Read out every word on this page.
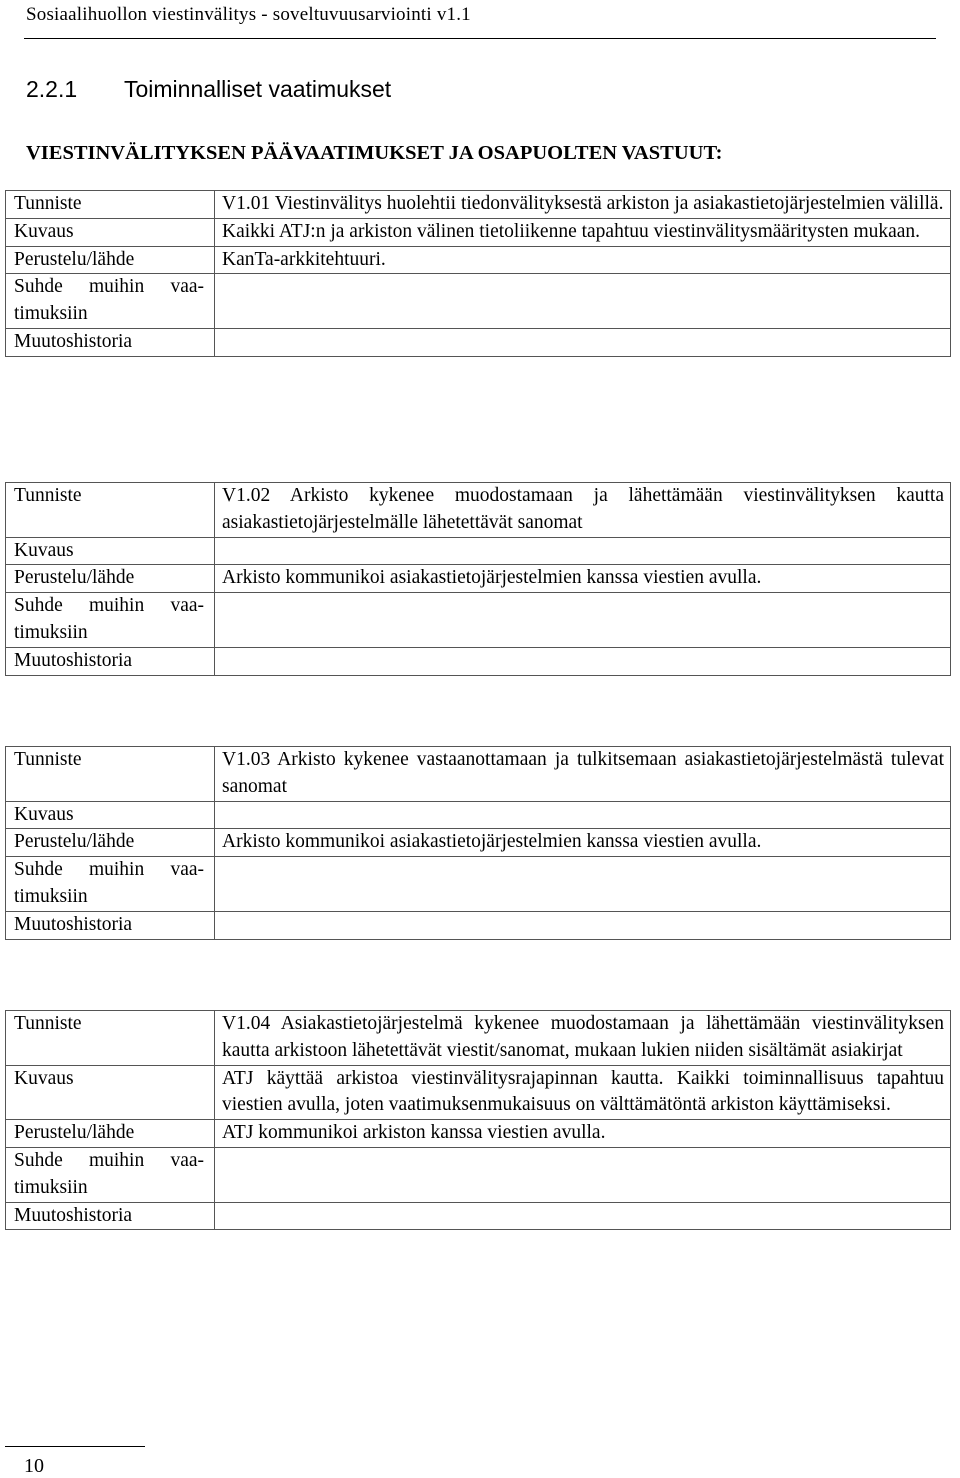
Sosiaalihuollon viestinvälitys - soveltuvuusarviointi v1.1
2.2.1 Toiminnalliset vaatimukset
VIESTINVÄLITYKSEN PÄÄVAATIMUKSET JA OSAPUOLTEN VASTUUT:
Tunniste	V1.01 Viestinvälitys huolehtii tiedonvälityksestä arkiston ja asiakastietojärjestelmien välillä.
Kuvaus	Kaikki ATJ:n ja arkiston välinen tietoliikenne tapahtuu viestinvälitysmääritysten mukaan.
Perustelu/lähde	KanTa-arkkitehtuuri.

Suhde muihin vaa-
timuksiin	
Muutoshistoria	
Tunniste	V1.02 Arkisto kykenee muodostamaan ja lähettämään viestinvälityksen kautta asiakastietojärjestelmälle lähetettävät sanomat
Kuvaus	
Perustelu/lähde	Arkisto kommunikoi asiakastietojärjestelmien kanssa viestien avulla.

Suhde muihin vaa-
timuksiin	
Muutoshistoria	
Tunniste	V1.03 Arkisto kykenee vastaanottamaan ja tulkitsemaan asiakastietojärjestelmästä tulevat sanomat
Kuvaus	
Perustelu/lähde	Arkisto kommunikoi asiakastietojärjestelmien kanssa viestien avulla.

Suhde muihin vaa-
timuksiin	
Muutoshistoria	
Tunniste	V1.04 Asiakastietojärjestelmä kykenee muodostamaan ja lähettämään viestinvälityksen kautta arkistoon lähetettävät viestit/sanomat, mukaan lukien niiden sisältämät asiakirjat
Kuvaus	ATJ käyttää arkistoa viestinvälitysrajapinnan kautta. Kaikki toiminnallisuus tapahtuu viestien avulla, joten vaatimuksenmukaisuus on välttämätöntä arkiston käyttämiseksi.
Perustelu/lähde	ATJ kommunikoi arkiston kanssa viestien avulla.

Suhde muihin vaa-
timuksiin	
Muutoshistoria	
10
